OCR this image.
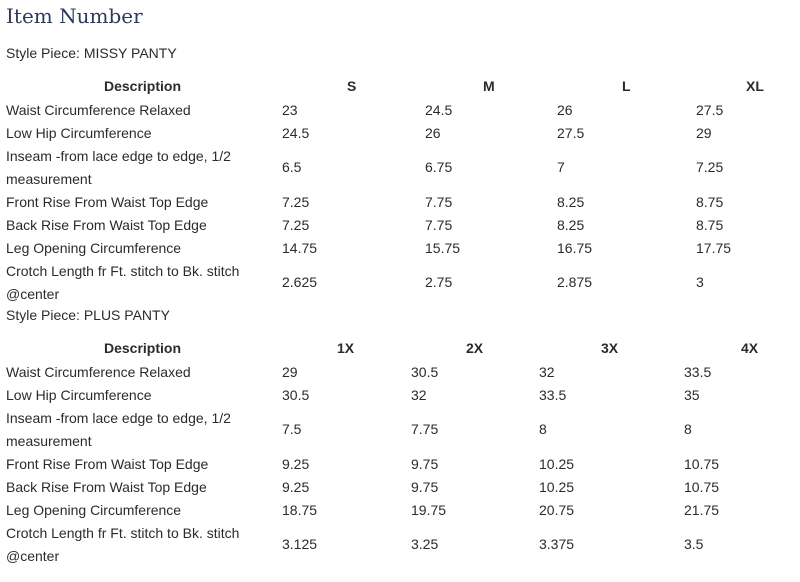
Item Number
Style Piece: MISSY PANTY
Description	S	M	L	XL
Waist Circumference Relaxed	23	24.5	26	27.5
Low Hip Circumference	24.5	26	27.5	29
Inseam -from lace edge to edge, 1/2 measurement
6.5	6.75	7	7.25
Front Rise From Waist Top Edge	7.25	7.75	8.25	8.75
Back Rise From Waist Top Edge	7.25	7.75	8.25	8.75
Leg Opening Circumference	14.75	15.75	16.75	17.75
Crotch Length fr Ft. stitch to Bk. stitch @center
2.625	2.75	2.875	3
Style Piece: PLUS PANTY
Description	1X	2X	3X	4X
Waist Circumference Relaxed	29	30.5	32	33.5
Low Hip Circumference	30.5	32	33.5	35
Inseam -from lace edge to edge, 1/2 measurement
7.5	7.75	8	8
Front Rise From Waist Top Edge	9.25	9.75	10.25	10.75
Back Rise From Waist Top Edge	9.25	9.75	10.25	10.75
Leg Opening Circumference	18.75	19.75	20.75	21.75
Crotch Length fr Ft. stitch to Bk. stitch @center
3.125	3.25	3.375	3.5
